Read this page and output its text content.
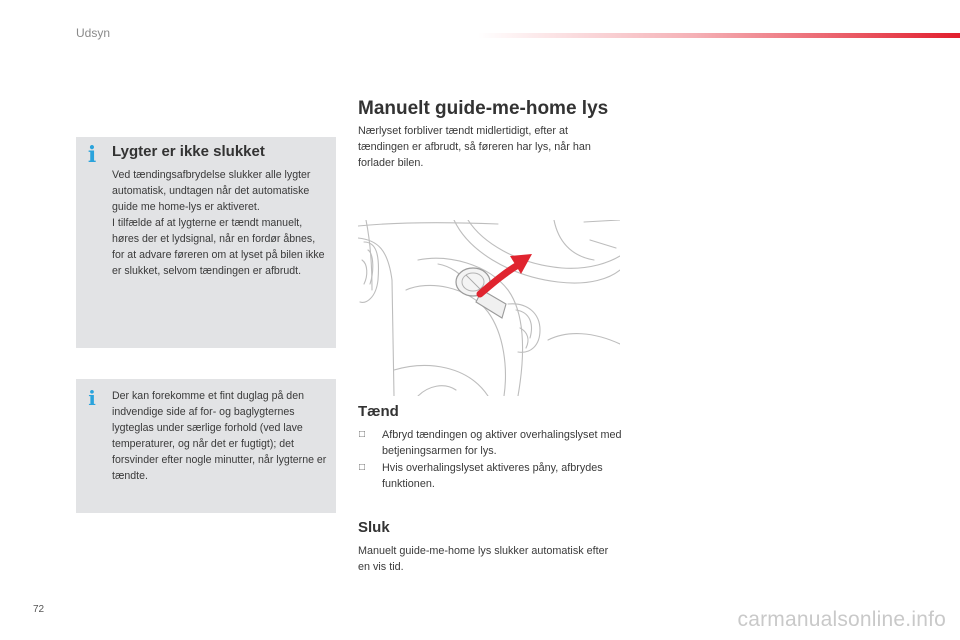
Udsyn
i Lygter er ikke slukket

Ved tændingsafbrydelse slukker alle lygter automatisk, undtagen når det automatiske guide me home-lys er aktiveret.

I tilfælde af at lygterne er tændt manuelt, høres der et lydsignal, når en fordør åbnes, for at advare føreren om at lyset på bilen ikke er slukket, selvom tændingen er afbrudt.

i Der kan forekomme et fint duglag på den indvendige side af for- og baglygternes lygteglas under særlige forhold (ved lave temperaturer, og når det er fugtigt); det forsvinder efter nogle minutter, når lygterne er tændte.

Manuelt guide-me-home lys
Nærlyset forbliver tændt midlertidigt, efter at tændingen er afbrudt, så føreren har lys, når han forlader bilen.
Tænd
□ Afbryd tændingen og aktiver overhalingslyset med betjeningsarmen for lys.
□ Hvis overhalingslyset aktiveres påny, afbrydes funktionen.
Sluk
Manuelt guide-me-home lys slukker automatisk efter en vis tid.
72	carmanualsonline.info
